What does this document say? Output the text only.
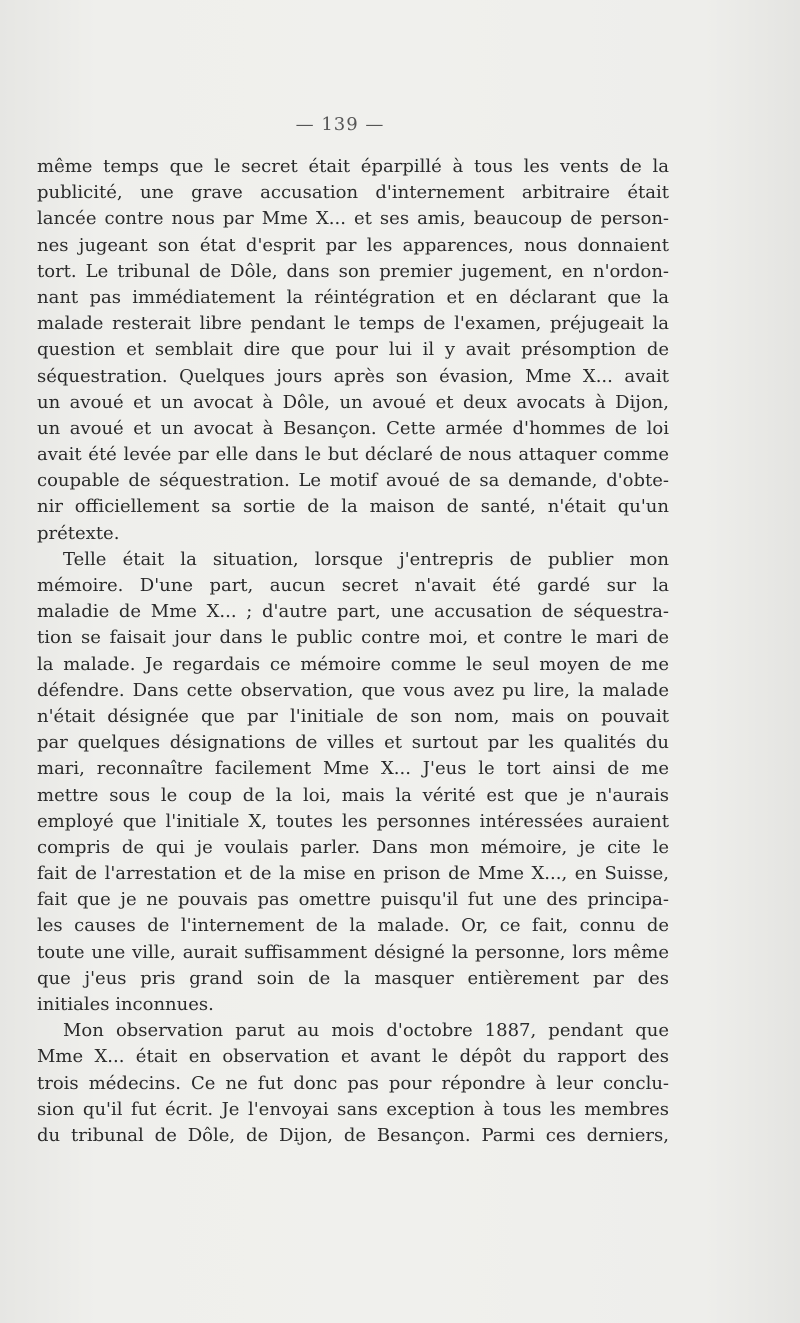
— 139 —
même temps que le secret était éparpillé à tous les vents de la
publicité, une grave accusation d'internement arbitraire était
lancée contre nous par Mme X... et ses amis, beaucoup de person-
nes jugeant son état d'esprit par les apparences, nous donnaient
tort. Le tribunal de Dôle, dans son premier jugement, en n'ordon-
nant pas immédiatement la réintégration et en déclarant que la
malade resterait libre pendant le temps de l'examen, préjugeait la
question et semblait dire que pour lui il y avait présomption de
séquestration. Quelques jours après son évasion, Mme X... avait
un avoué et un avocat à Dôle, un avoué et deux avocats à Dijon,
un avoué et un avocat à Besançon. Cette armée d'hommes de loi
avait été levée par elle dans le but déclaré de nous attaquer comme
coupable de séquestration. Le motif avoué de sa demande, d'obte-
nir officiellement sa sortie de la maison de santé, n'était qu'un
prétexte.
Telle était la situation, lorsque j'entrepris de publier mon
mémoire. D'une part, aucun secret n'avait été gardé sur la
maladie de Mme X... ; d'autre part, une accusation de séquestra-
tion se faisait jour dans le public contre moi, et contre le mari de
la malade. Je regardais ce mémoire comme le seul moyen de me
défendre. Dans cette observation, que vous avez pu lire, la malade
n'était désignée que par l'initiale de son nom, mais on pouvait
par quelques désignations de villes et surtout par les qualités du
mari, reconnaître facilement Mme X... J'eus le tort ainsi de me
mettre sous le coup de la loi, mais la vérité est que je n'aurais
employé que l'initiale X, toutes les personnes intéressées auraient
compris de qui je voulais parler. Dans mon mémoire, je cite le
fait de l'arrestation et de la mise en prison de Mme X..., en Suisse,
fait que je ne pouvais pas omettre puisqu'il fut une des principa-
les causes de l'internement de la malade. Or, ce fait, connu de
toute une ville, aurait suffisamment désigné la personne, lors même
que j'eus pris grand soin de la masquer entièrement par des
initiales inconnues.
Mon observation parut au mois d'octobre 1887, pendant que
Mme X... était en observation et avant le dépôt du rapport des
trois médecins. Ce ne fut donc pas pour répondre à leur conclu-
sion qu'il fut écrit. Je l'envoyai sans exception à tous les membres
du tribunal de Dôle, de Dijon, de Besançon. Parmi ces derniers,
